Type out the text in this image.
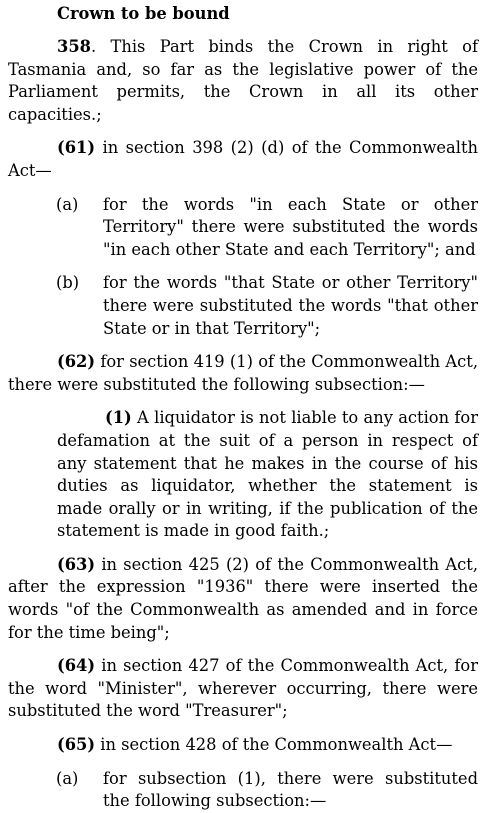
Crown to be bound

358. This Part binds the Crown in right of Tasmania and, so far as the legislative power of the Parliament permits, the Crown in all its other capacities.;

(61) in section 398 (2) (d) of the Commonwealth Act—

(a)	for the words "in each State or other Territory" there were substituted the words "in each other State and each Territory"; and
(b)	for the words "that State or other Territory" there were substituted the words "that other State or in that Territory";

(62) for section 419 (1) of the Commonwealth Act, there were substituted the following subsection:—

(1) A liquidator is not liable to any action for defamation at the suit of a person in respect of any statement that he makes in the course of his duties as liquidator, whether the statement is made orally or in writing, if the publication of the statement is made in good faith.;

(63) in section 425 (2) of the Commonwealth Act, after the expression "1936" there were inserted the words "of the Commonwealth as amended and in force for the time being";

(64) in section 427 of the Commonwealth Act, for the word "Minister", wherever occurring, there were substituted the word "Treasurer";

(65) in section 428 of the Commonwealth Act—

(a)	for subsection (1), there were substituted the following subsection:—
